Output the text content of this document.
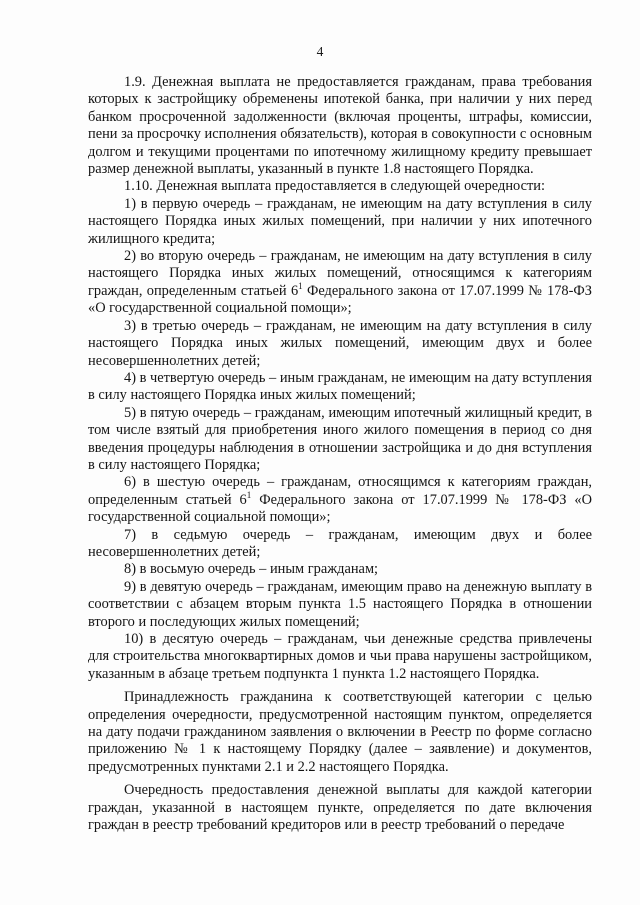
4

1.9. Денежная выплата не предоставляется гражданам, права требования которых к застройщику обременены ипотекой банка, при наличии у них перед банком просроченной задолженности (включая проценты, штрафы, комиссии, пени за просрочку исполнения обязательств), которая в совокупности с основным долгом и текущими процентами по ипотечному жилищному кредиту превышает размер денежной выплаты, указанный в пункте 1.8 настоящего Порядка.

1.10. Денежная выплата предоставляется в следующей очередности:

1) в первую очередь – гражданам, не имеющим на дату вступления в силу настоящего Порядка иных жилых помещений, при наличии у них ипотечного жилищного кредита;

2) во вторую очередь – гражданам, не имеющим на дату вступления в силу настоящего Порядка иных жилых помещений, относящимся к категориям граждан, определенным статьей $6^1$ Федерального закона от 17.07.1999 № 178-ФЗ «О государственной социальной помощи»;

3) в третью очередь – гражданам, не имеющим на дату вступления в силу настоящего Порядка иных жилых помещений, имеющим двух и более несовершеннолетних детей;

4) в четвертую очередь – иным гражданам, не имеющим на дату вступления в силу настоящего Порядка иных жилых помещений;

5) в пятую очередь – гражданам, имеющим ипотечный жилищный кредит, в том числе взятый для приобретения иного жилого помещения в период со дня введения процедуры наблюдения в отношении застройщика и до дня вступления в силу настоящего Порядка;

6) в шестую очередь – гражданам, относящимся к категориям граждан, определенным статьей $6^1$ Федерального закона от 17.07.1999 № 178-ФЗ «О государственной социальной помощи»;

7) в седьмую очередь – гражданам, имеющим двух и более несовершеннолетних детей;

8) в восьмую очередь – иным гражданам;

9) в девятую очередь – гражданам, имеющим право на денежную выплату в соответствии с абзацем вторым пункта 1.5 настоящего Порядка в отношении второго и последующих жилых помещений;

10) в десятую очередь – гражданам, чьи денежные средства привлечены для строительства многоквартирных домов и чьи права нарушены застройщиком, указанным в абзаце третьем подпункта 1 пункта 1.2 настоящего Порядка.

Принадлежность гражданина к соответствующей категории с целью определения очередности, предусмотренной настоящим пунктом, определяется на дату подачи гражданином заявления о включении в Реестр по форме согласно приложению № 1 к настоящему Порядку (далее – заявление) и документов, предусмотренных пунктами 2.1 и 2.2 настоящего Порядка.

Очередность предоставления денежной выплаты для каждой категории граждан, указанной в настоящем пункте, определяется по дате включения граждан в реестр требований кредиторов или в реестр требований о передаче
